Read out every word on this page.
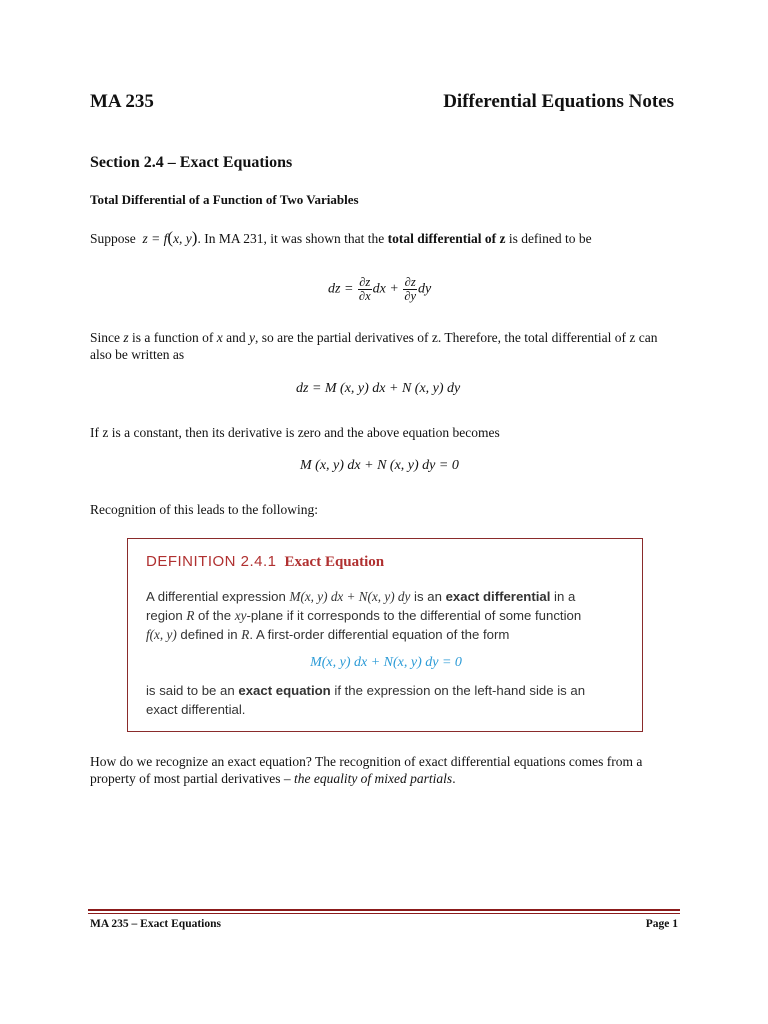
MA 235	Differential Equations Notes
Section 2.4 – Exact Equations
Total Differential of a Function of Two Variables
Suppose z = f(x, y). In MA 231, it was shown that the total differential of z is defined to be
dz = $\frac{\partial z}{\partial x}$ dx + $\frac{\partial z}{\partial y}$ dy
Since z is a function of x and y, so are the partial derivatives of z. Therefore, the total differential of z can also be written as
dz = M (x, y) dx + N (x, y) dy
If z is a constant, then its derivative is zero and the above equation becomes
M (x, y) dx + N (x, y) dy = 0
Recognition of this leads to the following:
DEFINITION 2.4.1 Exact Equation
A differential expression M(x, y) dx + N(x, y) dy is an exact differential in a
region R of the xy-plane if it corresponds to the differential of some function
f(x, y) defined in R. A first-order differential equation of the form
M(x, y) dx + N(x, y) dy = 0
is said to be an exact equation if the expression on the left-hand side is an
exact differential.
How do we recognize an exact equation? The recognition of exact differential equations comes from a property of most partial derivatives – the equality of mixed partials.
MA 235 – Exact Equations	Page 1
